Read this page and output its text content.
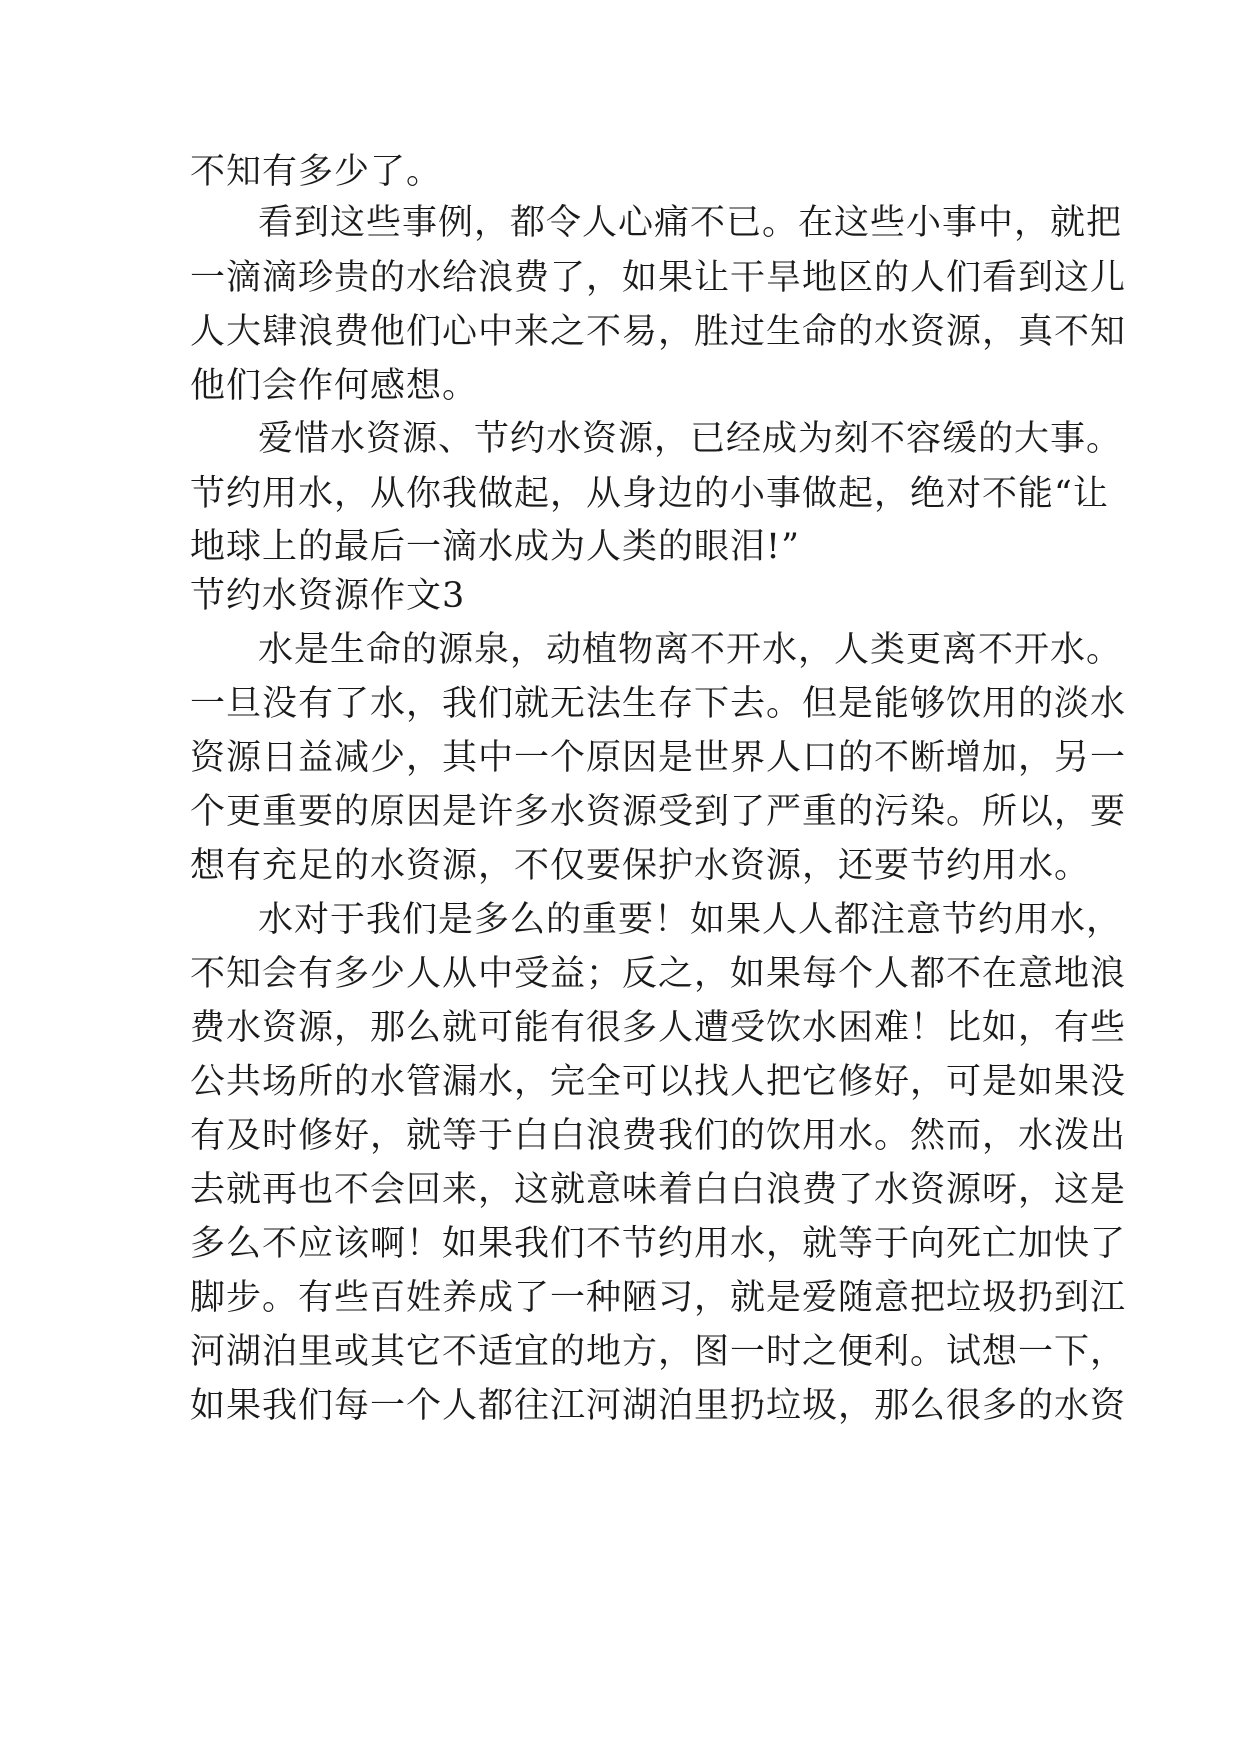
不知有多少了。
看到这些事例，都令人心痛不已。在这些小事中，就把
一滴滴珍贵的水给浪费了，如果让干旱地区的人们看到这儿
人大肆浪费他们心中来之不易，胜过生命的水资源，真不知
他们会作何感想。
爱惜水资源、节约水资源，已经成为刻不容缓的大事。
节约用水，从你我做起，从身边的小事做起，绝对不能“让
地球上的最后一滴水成为人类的眼泪!”
节约水资源作文3
水是生命的源泉，动植物离不开水，人类更离不开水。
一旦没有了水，我们就无法生存下去。但是能够饮用的淡水
资源日益减少，其中一个原因是世界人口的不断增加，另一
个更重要的原因是许多水资源受到了严重的污染。所以，要
想有充足的水资源，不仅要保护水资源，还要节约用水。
水对于我们是多么的重要！如果人人都注意节约用水，
不知会有多少人从中受益；反之，如果每个人都不在意地浪
费水资源，那么就可能有很多人遭受饮水困难！比如，有些
公共场所的水管漏水，完全可以找人把它修好，可是如果没
有及时修好，就等于白白浪费我们的饮用水。然而，水泼出
去就再也不会回来，这就意味着白白浪费了水资源呀，这是
多么不应该啊！如果我们不节约用水，就等于向死亡加快了
脚步。有些百姓养成了一种陋习，就是爱随意把垃圾扔到江
河湖泊里或其它不适宜的地方，图一时之便利。试想一下，
如果我们每一个人都往江河湖泊里扔垃圾，那么很多的水资
